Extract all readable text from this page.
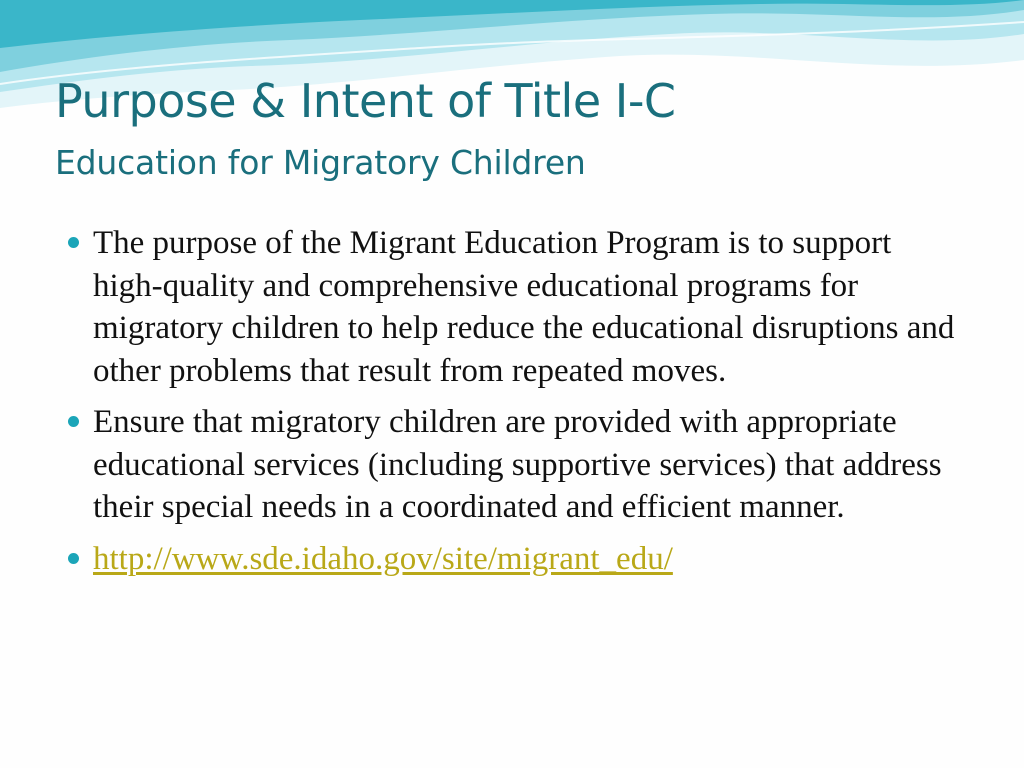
Purpose & Intent of Title I-C
Education for Migratory Children
The purpose of the Migrant Education Program is to support high-quality and comprehensive educational programs for migratory children to help reduce the educational disruptions and other problems that result from repeated moves.
Ensure that migratory children are provided with appropriate educational services (including supportive services) that address their special needs in a coordinated and efficient manner.
http://www.sde.idaho.gov/site/migrant_edu/
